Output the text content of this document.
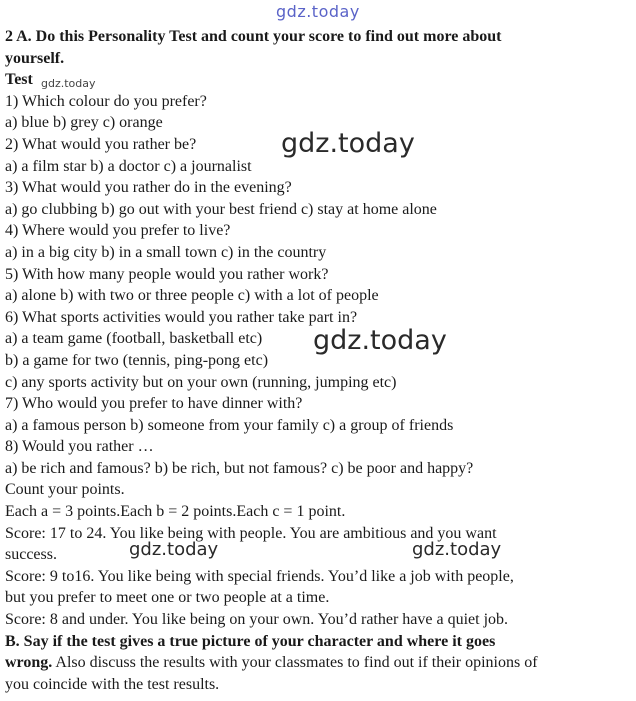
gdz.today
2 A. Do this Personality Test and count your score to find out more about
yourself.
Test
1) Which colour do you prefer?
a) blue b) grey c) orange
2) What would you rather be?
a) a film star b) a doctor c) a journalist
3) What would you rather do in the evening?
a) go clubbing b) go out with your best friend c) stay at home alone
4) Where would you prefer to live?
a) in a big city b) in a small town c) in the country
5) With how many people would you rather work?
a) alone b) with two or three people c) with a lot of people
6) What sports activities would you rather take part in?
a) a team game (football, basketball etc)
b) a game for two (tennis, ping-pong etc)
c) any sports activity but on your own (running, jumping etc)
7) Who would you prefer to have dinner with?
a) a famous person b) someone from your family c) a group of friends
8) Would you rather …
a) be rich and famous? b) be rich, but not famous? c) be poor and happy?
Count your points.
Each a = 3 points.Each b = 2 points.Each c = 1 point.
Score: 17 to 24. You like being with people. You are ambitious and you want
success.
Score: 9 to16. You like being with special friends. You’d like a job with people,
but you prefer to meet one or two people at a time.
Score: 8 and under. You like being on your own. You’d rather have a quiet job.
B. Say if the test gives a true picture of your character and where it goes
wrong. Also discuss the results with your classmates to find out if their opinions of
you coincide with the test results.
gdz.today
gdz.today
gdz.today
gdz.today	gdz.today
